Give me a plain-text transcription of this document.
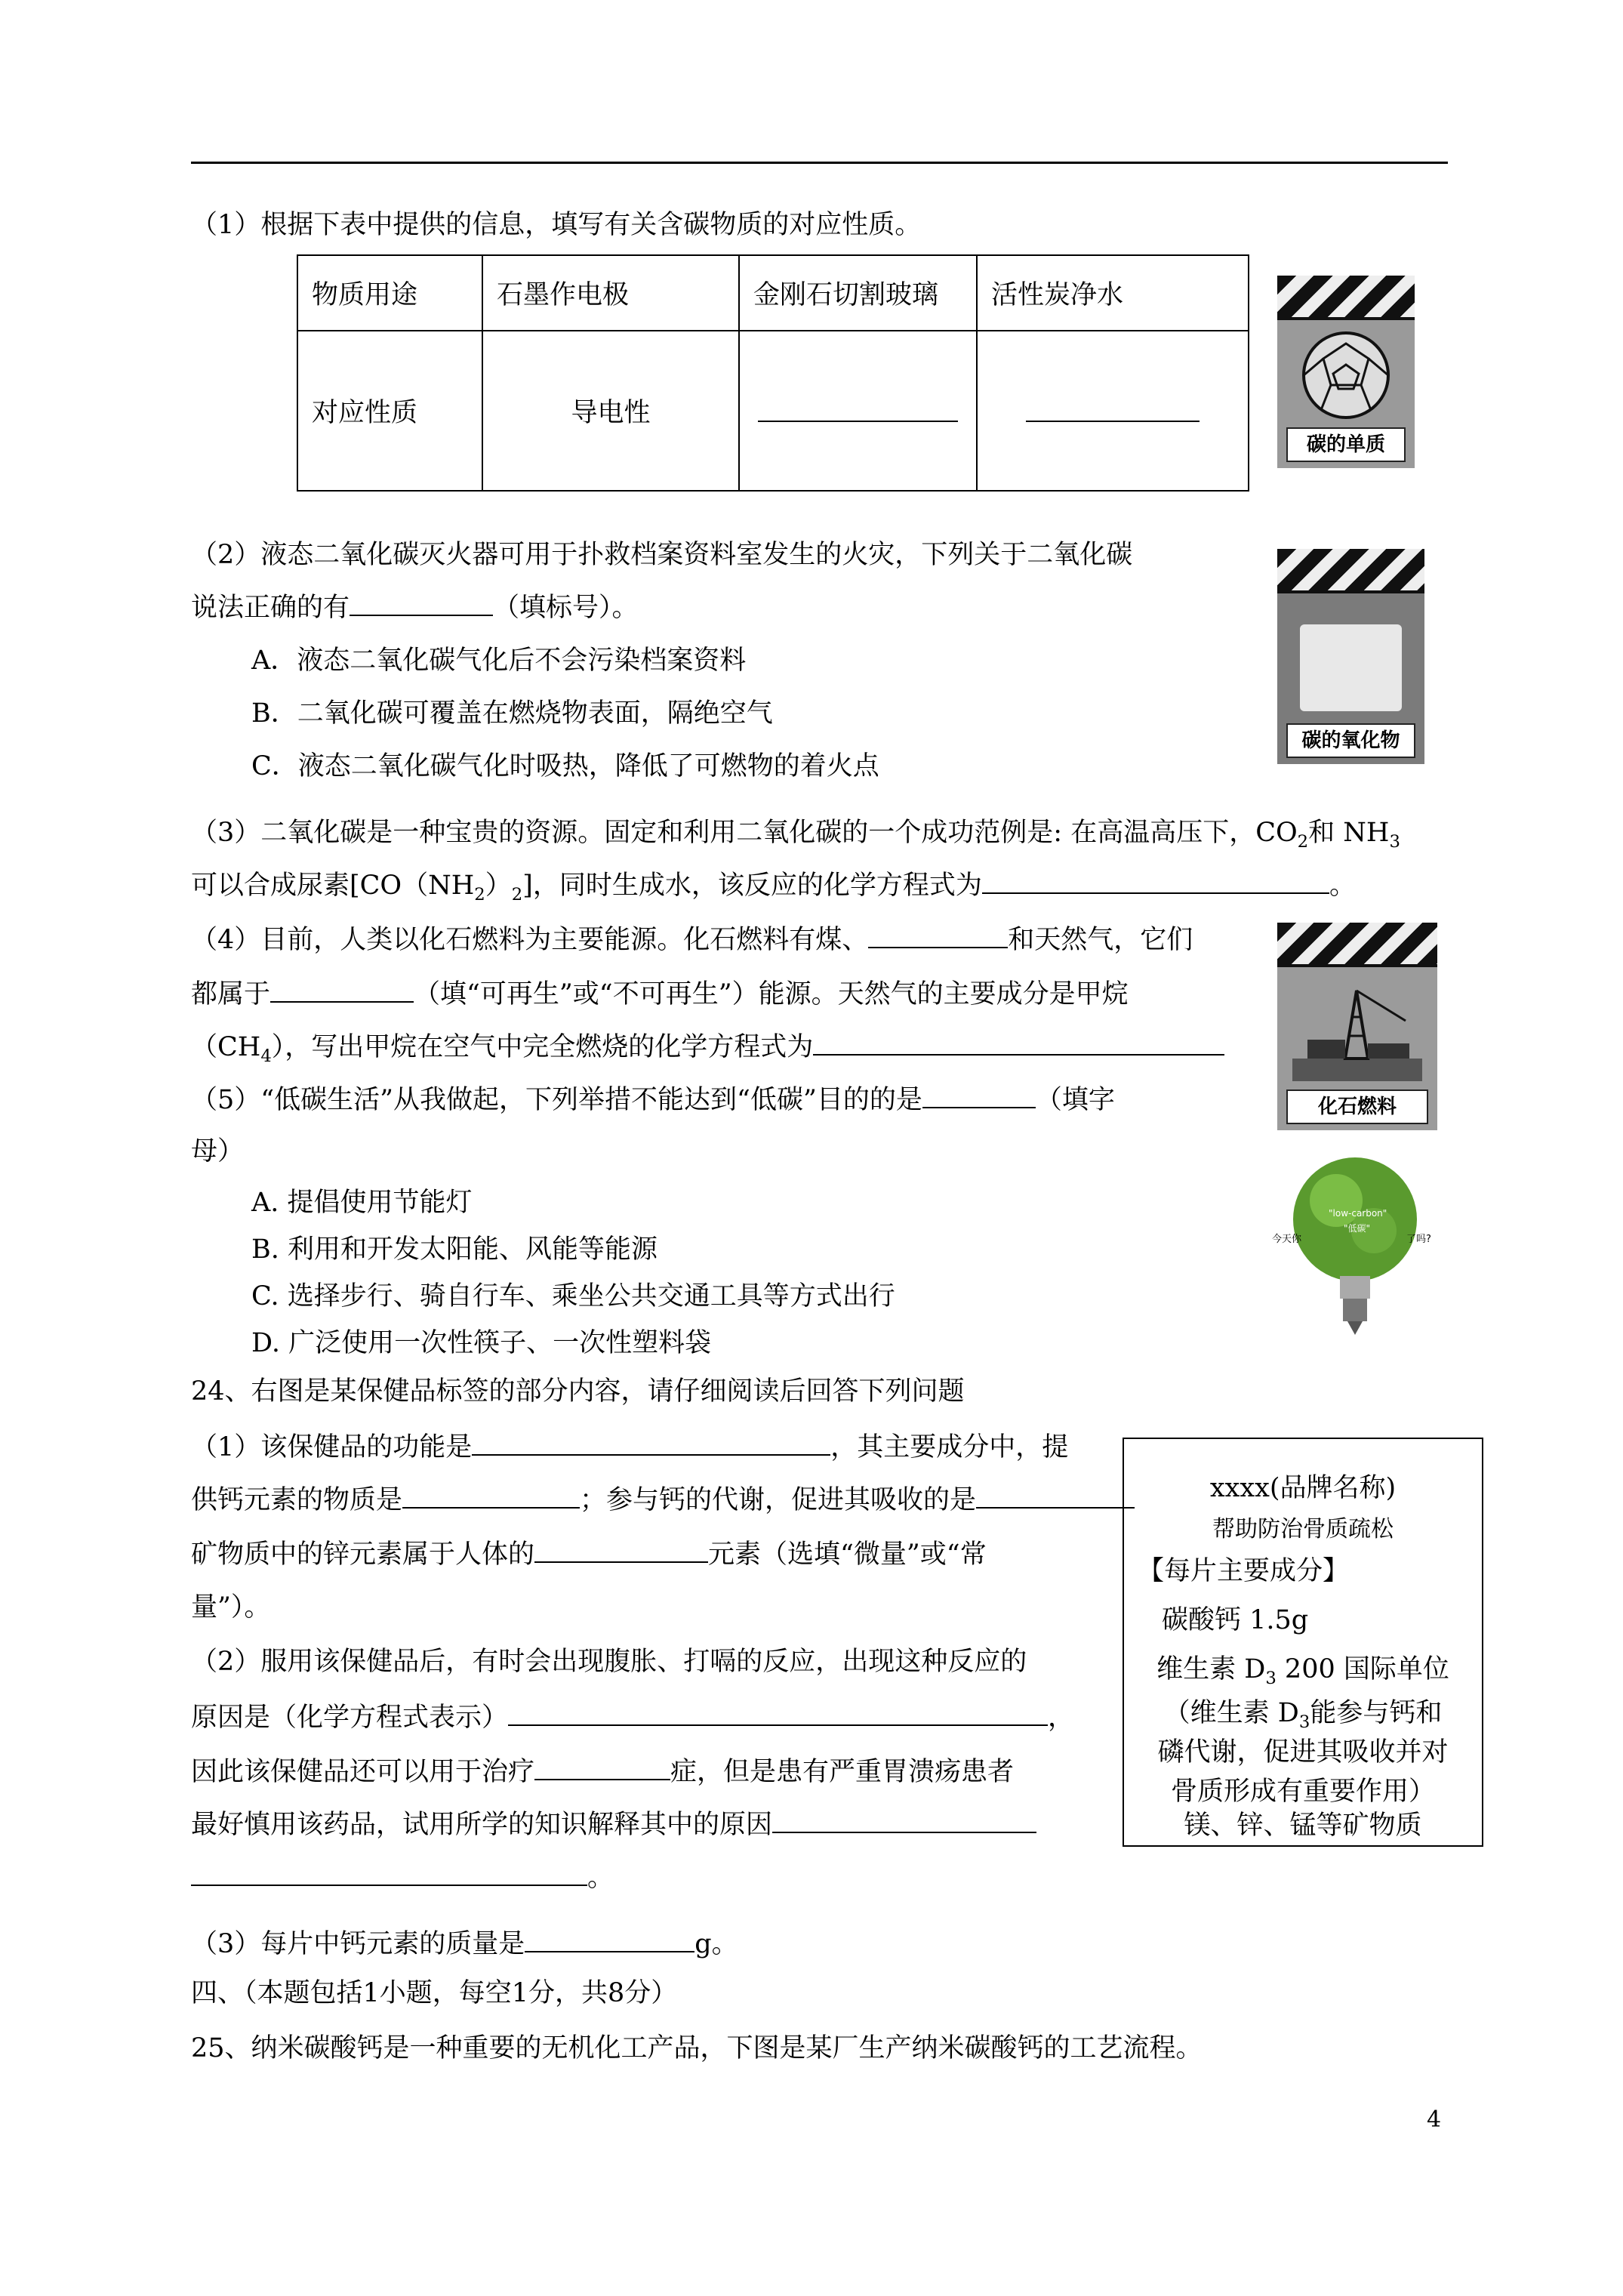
（1）根据下表中提供的信息，填写有关含碳物质的对应性质。
物质用途	石墨作电极	金刚石切割玻璃	活性炭净水
对应性质	导电性		
碳的单质
（2）液态二氧化碳灭火器可用于扑救档案资料室发生的火灾，下列关于二氧化碳
说法正确的有	（填标号）。
A．液态二氧化碳气化后不会污染档案资料
B．二氧化碳可覆盖在燃烧物表面，隔绝空气
C．液态二氧化碳气化时吸热，降低了可燃物的着火点
碳的氧化物
（3）二氧化碳是一种宝贵的资源。固定和利用二氧化碳的一个成功范例是: 在高温高压下，$CO_2$和 $NH_3$
可以合成尿素$[CO(NH_2)_2]$，同时生成水，该反应的化学方程式为	。
（4）目前，人类以化石燃料为主要能源。化石燃料有煤、	和天然气，它们
都属于	（填“可再生”或“不可再生”）能源。天然气的主要成分是甲烷
$(CH_4)$，写出甲烷在空气中完全燃烧的化学方程式为
化石燃料
（5）“低碳生活”从我做起，下列举措不能达到“低碳”目的的是	（填字
母）
A. 提倡使用节能灯
B. 利用和开发太阳能、风能等能源
C. 选择步行、骑自行车、乘坐公共交通工具等方式出行
D. 广泛使用一次性筷子、一次性塑料袋
今天你
"low-carbon"
"低碳"
了吗?
24、右图是某保健品标签的部分内容，请仔细阅读后回答下列问题
（1）该保健品的功能是	，其主要成分中，提
供钙元素的物质是	；参与钙的代谢，促进其吸收的是
矿物质中的锌元素属于人体的	元素（选填“微量”或“常
量”）。
（2）服用该保健品后，有时会出现腹胀、打嗝的反应，出现这种反应的
原因是（化学方程式表示）	，
因此该保健品还可以用于治疗	症，但是患有严重胃溃疡患者
最好慎用该药品，试用所学的知识解释其中的原因
。
（3）每片中钙元素的质量是	g。
xxxx(品牌名称)
帮助防治骨质疏松
【每片主要成分】
碳酸钙 1.5g
维生素 $D_3$ 200 国际单位
（维生素 $D_3$能参与钙和
磷代谢，促进其吸收并对
骨质形成有重要作用）
镁、锌、锰等矿物质
四、（本题包括1小题，每空1分，共8分）
25、纳米碳酸钙是一种重要的无机化工产品，下图是某厂生产纳米碳酸钙的工艺流程。
4
